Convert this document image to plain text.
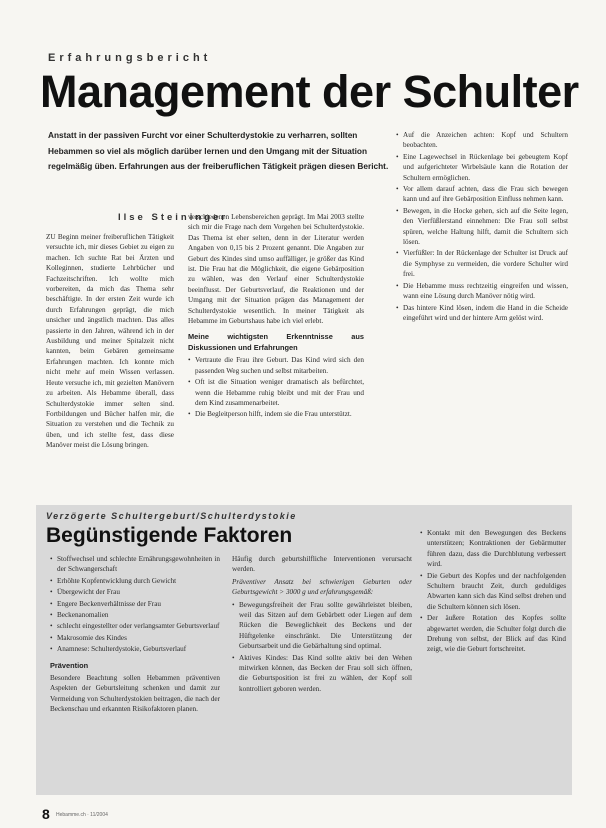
Erfahrungsbericht
Management der Schulter
Anstatt in der passiven Furcht vor einer Schulterdystokie zu verharren, sollten Hebammen so viel als möglich darüber lernen und den Umgang mit der Situation regelmäßig üben. Erfahrungen aus der freiberuflichen Tätigkeit prägen diesen Bericht.
Ilse Steininger

ZU Beginn meiner freiberuflichen Tätigkeit versuchte ich, mir dieses Gebiet zu eigen zu machen. Ich suchte Rat bei Ärzten und Kolleginnen, studierte Lehrbücher und Fachzeitschriften. Ich wollte mich vorbereiten, da mich das Thema sehr beschäftigte. In der ersten Zeit wurde ich durch Erfahrungen geprägt, die mich unsicher und ängstlich machten. Das alles passierte in den Jahren, während ich in der Ausbildung und meiner Spitalzeit nicht kannten, beim Gebären gemeinsame Erfahrungen machten. Ich konnte mich nicht mehr auf mein Wissen verlassen. Heute versuche ich, mit gezielten Manövern zu arbeiten. Als Hebamme überall, dass Schulterdystokie immer selten sind. Fortbildungen und Bücher halfen mir, die Situation zu verstehen und die Technik zu üben, und ich stellte fest, dass diese Manöver meist die Lösung bringen.

verschiedenen Lebensbereichen geprägt. Im Mai 2003 stellte sich mir die Frage nach dem Vorgehen bei Schulterdystokie. Das Thema ist eher selten, denn in der Literatur werden Angaben von 0,15 bis 2 Prozent genannt. Die Angaben zur Geburt des Kindes sind umso auffälliger, je größer das Kind ist. Die Frau hat die Möglichkeit, die eigene Gebärposition zu wählen, was den Verlauf einer Schulterdystokie beeinflusst. Der Geburtsverlauf, die Reaktionen und der Umgang mit der Situation prägen das Management der Schulterdystokie wesentlich. In meiner Tätigkeit als Hebamme im Geburtshaus habe ich viel erlebt.

Meine wichtigsten Erkenntnisse aus Diskussionen und Erfahrungen
• Vertraute die Frau ihre Geburt. Das Kind wird sich den passenden Weg suchen und selbst mitarbeiten.
• Oft ist die Situation weniger dramatisch als befürchtet, wenn die Hebamme ruhig bleibt und mit der Frau und dem Kind zusammenarbeitet.
• Die Begleitperson hilft, indem sie die Frau unterstützt.
• Auf die Anzeichen achten: Kopf und Schultern beobachten.
• Eine Lagewechsel in Rückenlage bei gebeugtem Kopf und aufgerichteter Wirbelsäule kann die Rotation der Schultern ermöglichen.
• Vor allem darauf achten, dass die Frau sich bewegen kann und auf ihre Gebärposition Einfluss nehmen kann.
• Bewegen, in die Hocke gehen, sich auf die Seite legen, den Vierfüßlerstand einnehmen: Die Frau soll selbst spüren, welche Haltung hilft, damit die Schultern sich lösen.
• Vierfüßler: In der Rückenlage der Schulter ist Druck auf die Symphyse zu vermeiden, die vordere Schulter wird frei.
• Die Hebamme muss rechtzeitig eingreifen und wissen, wann eine Lösung durch Manöver nötig wird.
• Das hintere Kind lösen, indem die Hand in die Scheide eingeführt wird und der hintere Arm gelöst wird.
Verzögerte Schultergeburt/Schulterdystokie
Begünstigende Faktoren
• Stoffwechsel und schlechte Ernährungsgewohnheiten in der Schwangerschaft
• Erhöhte Kopfentwicklung durch Gewicht
• Übergewicht der Frau
• Engere Beckenverhältnisse der Frau
• Beckenanomalien
• schlecht eingestellter oder verlangsamter Geburtsverlauf
• Makrosomie des Kindes
• Anamnese: Schulterdystokie, Geburtsverlauf
Prävention

Besondere Beachtung sollen Hebammen präventiven Aspekten der Geburtsleitung schenken und damit zur Vermeidung von Schulterdystokien beitragen, die nach der Beckenschau und erkannten Risikofaktoren planen.

Häufig durch geburtshilfliche Interventionen verursacht werden.

Präventiver Ansatz bei schwierigen Geburten oder Geburtsgewicht > 3000 g und erfahrungsgemäß:

• Bewegungsfreiheit der Frau sollte gewährleistet bleiben, weil das Sitzen auf dem Gebärbett oder Liegen auf dem Rücken die Beweglichkeit des Beckens und der Hüftgelenke einschränkt. Die Unterstützung der Geburtsarbeit und die Gebärhaltung sind optimal.
• Aktives Kindes: Das Kind sollte aktiv bei den Wehen mitwirken können, das Becken der Frau soll sich öffnen, die Geburtsposition ist frei zu wählen, der Kopf soll kontrolliert geboren werden.
• Kontakt mit den Bewegungen des Beckens unterstützen; Kontraktionen der Gebärmutter führen dazu, dass die Durchblutung verbessert wird.
• Die Geburt des Kopfes und der nachfolgenden Schultern braucht Zeit, durch geduldiges Abwarten kann sich das Kind selbst drehen und die Schultern können sich lösen.
• Der äußere Rotation des Kopfes sollte abgewartet werden, die Schulter folgt durch die Drehung von selbst, der Blick auf das Kind zeigt, wie die Geburt fortschreitet.
8 Hebamme.ch · 11/2004
